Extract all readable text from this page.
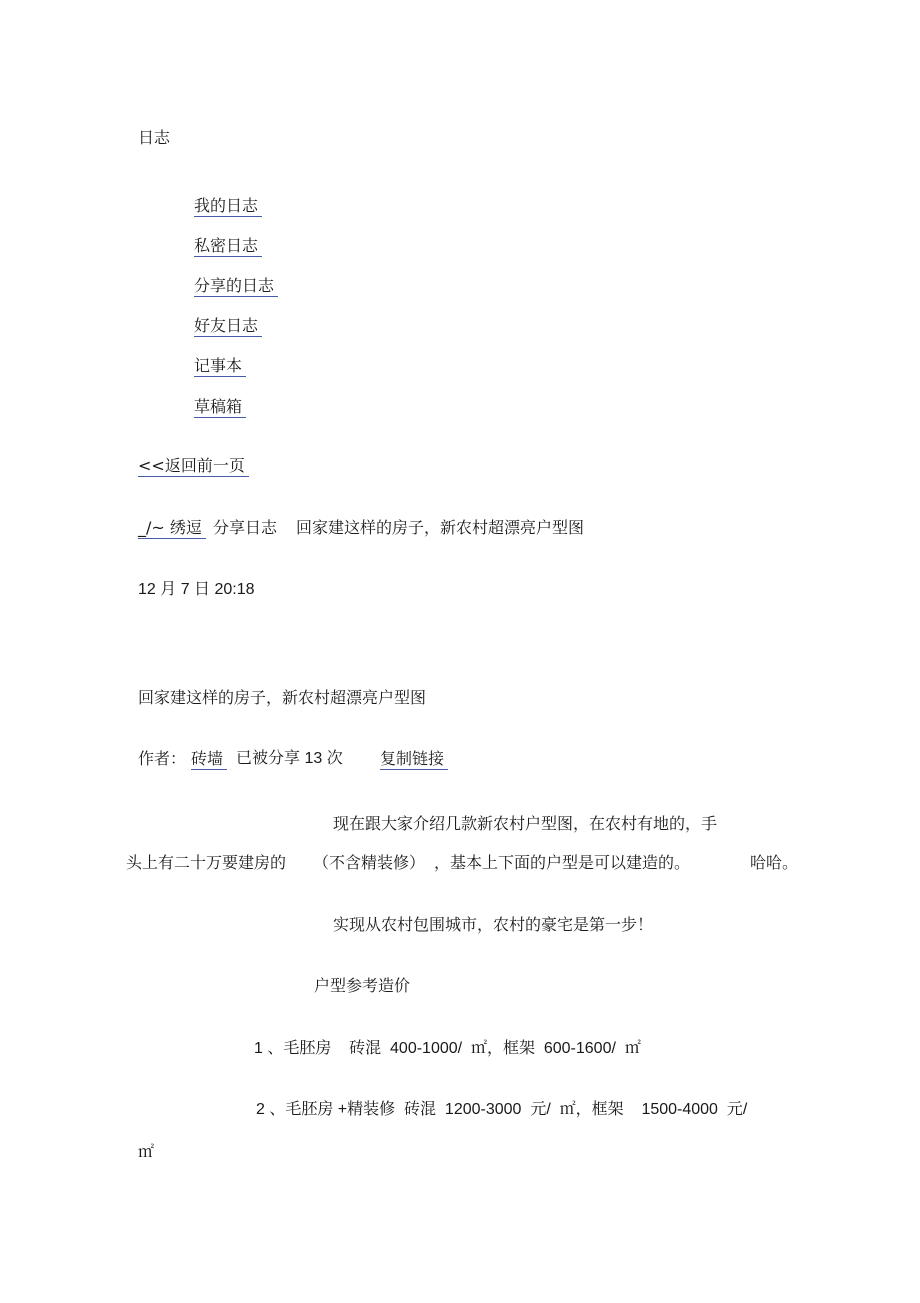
日志
我的日志
私密日志
分享的日志
好友日志
记事本
草稿箱
<<返回前一页
_/~ 绣逗 分享日志 回家建这样的房子，新农村超漂亮户型图
12 月 7 日 20:18
回家建这样的房子，新农村超漂亮户型图
作者： 砖墙 已被分享 13 次 复制链接
现在跟大家介绍几款新农村户型图，在农村有地的，手
头上有二十万要建房的 （不含精装修） ，基本上下面的户型是可以建造的。	哈哈。
实现从农村包围城市，农村的豪宅是第一步！
户型参考造价
1 、毛胚房    砖混  400-1000/  ㎡，框架  600-1600/  ㎡
2 、毛胚房 +精装修  砖混  1200-3000  元/  ㎡，框架    1500-4000  元/
㎡
